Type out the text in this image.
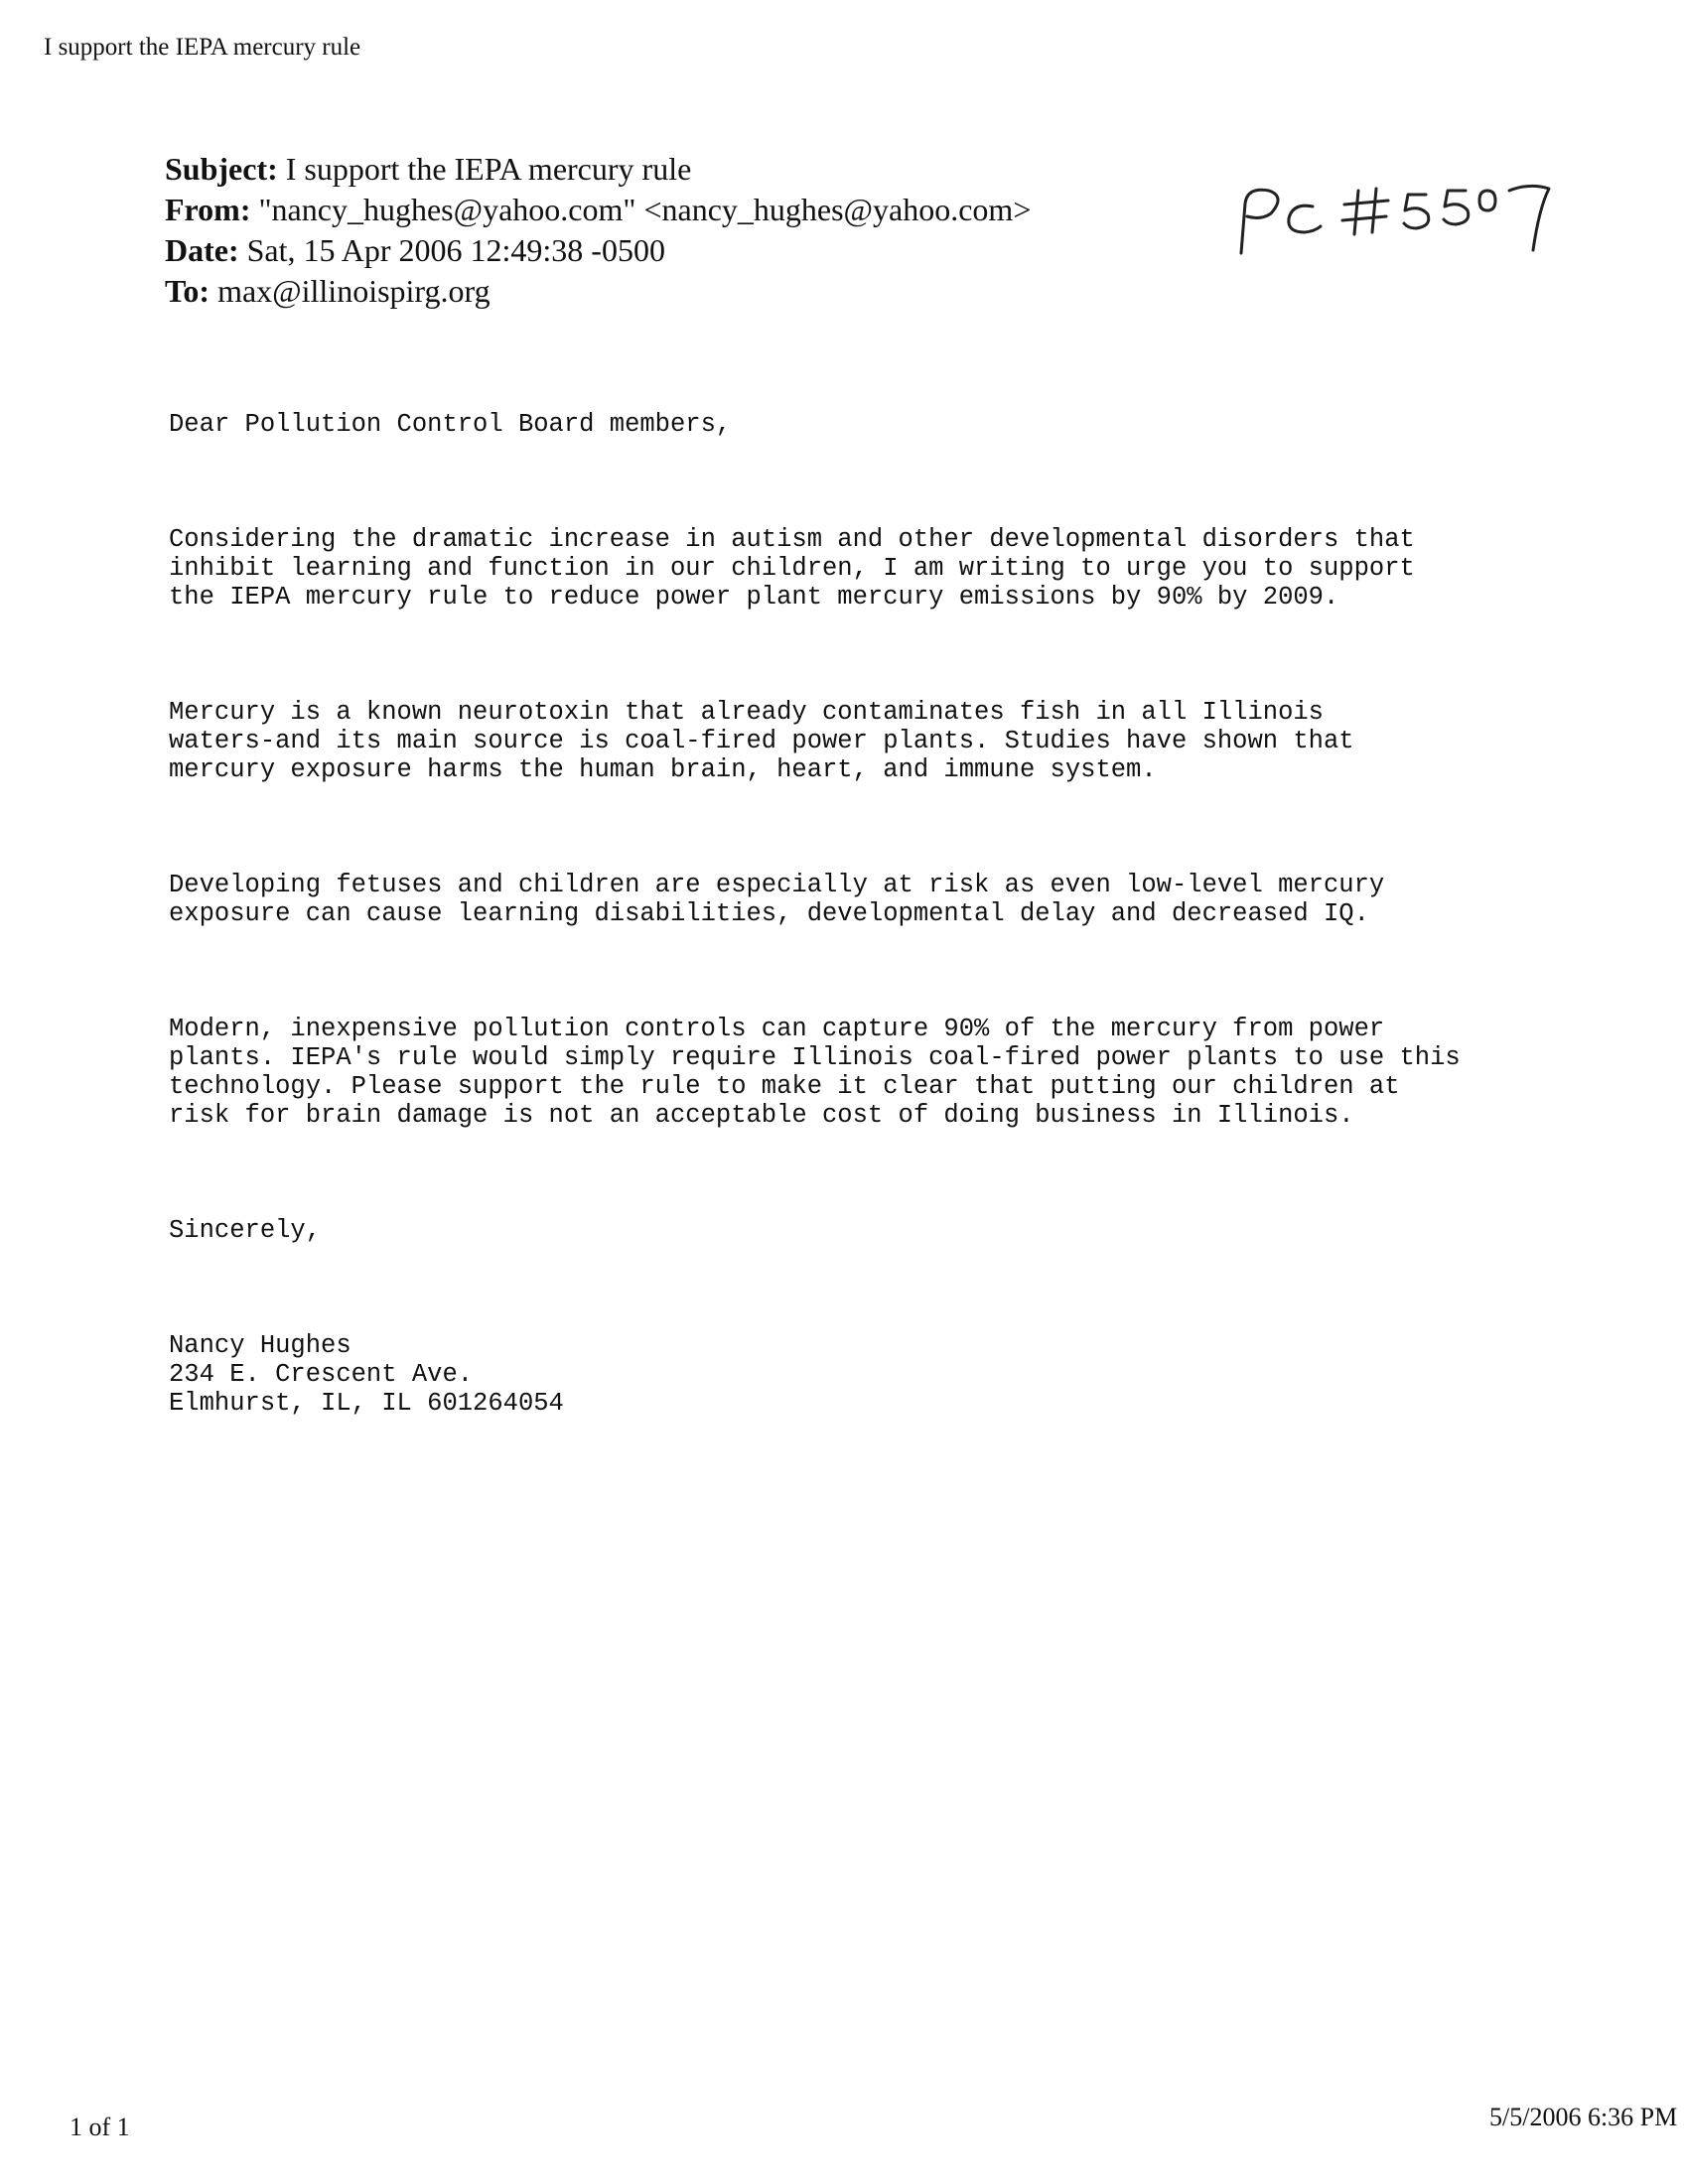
I support the IEPA mercury rule
Subject: I support the IEPA mercury rule
From: "nancy_hughes@yahoo.com" <nancy_hughes@yahoo.com>
Date: Sat, 15 Apr 2006 12:49:38 -0500
To: max@illinoispirg.org

Dear Pollution Control Board members,

Considering the dramatic increase in autism and other developmental disorders that
inhibit learning and function in our children, I am writing to urge you to support
the IEPA mercury rule to reduce power plant mercury emissions by 90% by 2009.

Mercury is a known neurotoxin that already contaminates fish in all Illinois
waters-and its main source is coal-fired power plants. Studies have shown that
mercury exposure harms the human brain, heart, and immune system.

Developing fetuses and children are especially at risk as even low-level mercury
exposure can cause learning disabilities, developmental delay and decreased IQ.

Modern, inexpensive pollution controls can capture 90% of the mercury from power
plants. IEPA's rule would simply require Illinois coal-fired power plants to use this
technology. Please support the rule to make it clear that putting our children at
risk for brain damage is not an acceptable cost of doing business in Illinois.

Sincerely,

Nancy Hughes
234 E. Crescent Ave.
Elmhurst, IL, IL 601264054

1 of 1	5/5/2006 6:36 PM
